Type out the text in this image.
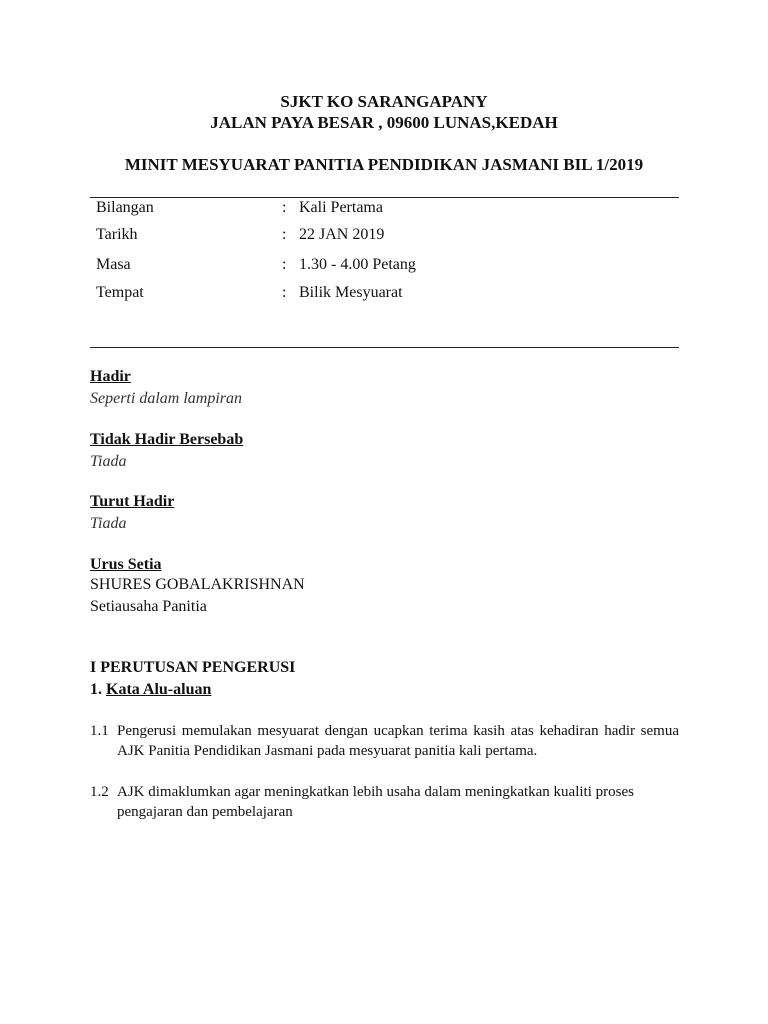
SJKT KO SARANGAPANY
JALAN PAYA BESAR , 09600 LUNAS,KEDAH
MINIT MESYUARAT PANITIA PENDIDIKAN JASMANI BIL 1/2019
Bilangan	: Kali Pertama
Tarikh	: 22 JAN 2019
Masa	: 1.30 - 4.00 Petang
Tempat	: Bilik Mesyuarat
Hadir
Seperti dalam lampiran
Tidak Hadir Bersebab
Tiada
Turut Hadir
Tiada
Urus Setia
SHURES GOBALAKRISHNAN
Setiausaha Panitia
I PERUTUSAN PENGERUSI
1. Kata Alu-aluan
1.1 Pengerusi memulakan mesyuarat dengan ucapkan terima kasih atas kehadiran hadir semua AJK Panitia Pendidikan Jasmani pada mesyuarat panitia kali pertama.
1.2 AJK dimaklumkan agar meningkatkan lebih usaha dalam meningkatkan kualiti proses pengajaran dan pembelajaran
